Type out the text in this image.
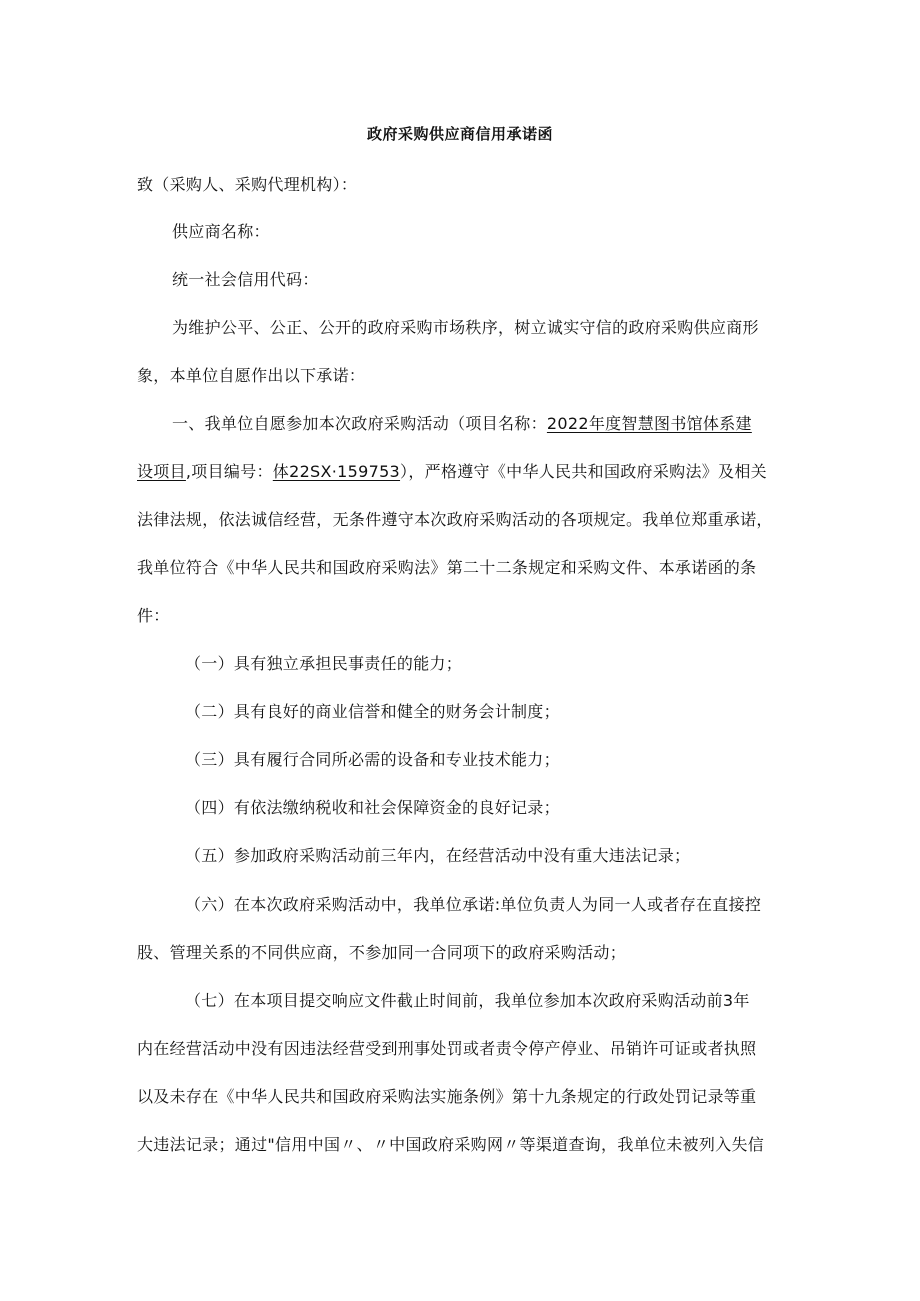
政府采购供应商信用承诺函
致（采购人、采购代理机构）：
供应商名称：
统一社会信用代码：
为维护公平、公正、公开的政府采购市场秩序，树立诚实守信的政府采购供应商形
象，本单位自愿作出以下承诺：
一、我单位自愿参加本次政府采购活动（项目名称：2022年度智慧图书馆体系建
设项目,项目编号：体22SX·159753），严格遵守《中华人民共和国政府采购法》及相关
法律法规，依法诚信经营，无条件遵守本次政府采购活动的各项规定。我单位郑重承诺，
我单位符合《中华人民共和国政府采购法》第二十二条规定和采购文件、本承诺函的条
件：
（一）具有独立承担民事责任的能力；
（二）具有良好的商业信誉和健全的财务会计制度；
（三）具有履行合同所必需的设备和专业技术能力；
（四）有依法缴纳税收和社会保障资金的良好记录；
（五）参加政府采购活动前三年内，在经营活动中没有重大违法记录；
（六）在本次政府采购活动中，我单位承诺:单位负责人为同一人或者存在直接控
股、管理关系的不同供应商，不参加同一合同项下的政府采购活动；
（七）在本项目提交响应文件截止时间前，我单位参加本次政府采购活动前3年
内在经营活动中没有因违法经营受到刑事处罚或者责令停产停业、吊销许可证或者执照
以及未存在《中华人民共和国政府采购法实施条例》第十九条规定的行政处罚记录等重
大违法记录；通过"信用中国〃、〃中国政府采购网〃等渠道查询，我单位未被列入失信
